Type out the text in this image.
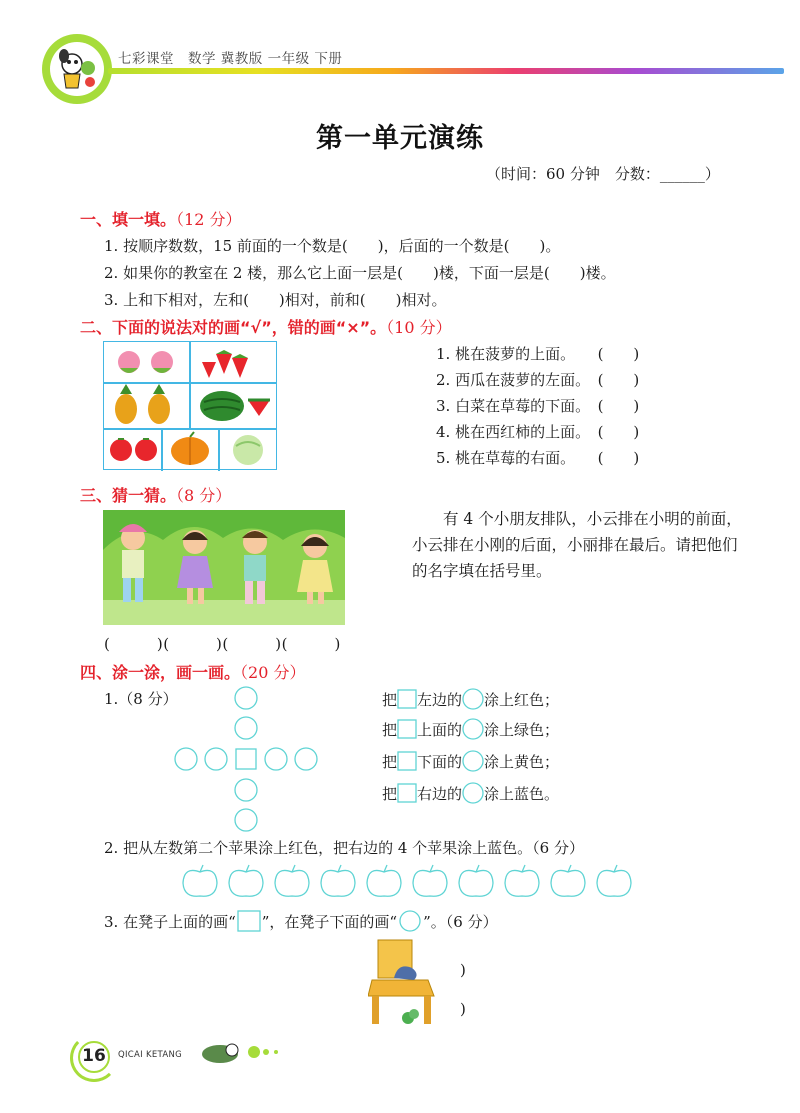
七彩课堂　数学 冀教版 一年级 下册
第一单元演练
（时间：60 分钟　分数：______）
一、填一填。（12 分）
1. 按顺序数数，15 前面的一个数是(　　)，后面的一个数是(　　)。
2. 如果你的教室在 2 楼，那么它上面一层是(　　)楼，下面一层是(　　)楼。
3. 上和下相对，左和(　　)相对，前和(　　)相对。
二、下面的说法对的画“√”，错的画“×”。（10 分）
1. 桃在菠萝的上面。　　(　　)
2. 西瓜在菠萝的左面。　(　　)
3. 白菜在草莓的下面。　(　　)
4. 桃在西红柿的上面。　(　　)
5. 桃在草莓的右面。　　(　　)
三、猜一猜。（8 分）
有 4 个小朋友排队，小云排在小明的前面，小云排在小刚的后面，小丽排在最后。请把他们的名字填在括号里。
(　　　)(　　　)(　　　)(　　　)
四、涂一涂，画一画。（20 分）
1.（8 分）	把 左边的 涂上红色；
把 上面的 涂上绿色；
把 下面的 涂上黄色；
把 右边的 涂上蓝色。
2. 把从左数第二个苹果涂上红色，把右边的 4 个苹果涂上蓝色。（6 分）
3. 在凳子上面的画“ ”，在凳子下面的画“ ”。（6 分）
)
)
16	QICAI KETANG
